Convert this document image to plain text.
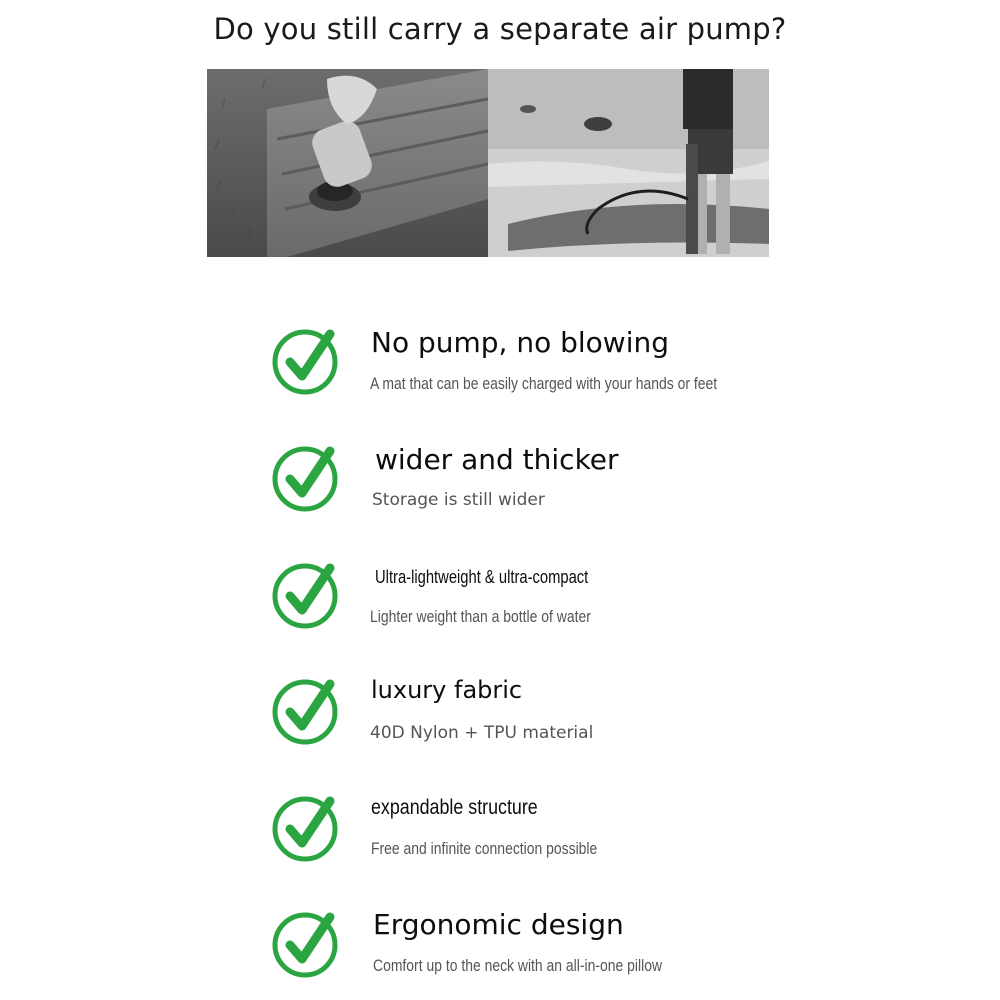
Do you still carry a separate air pump?
No pump, no blowing
A mat that can be easily charged with your hands or feet
wider and thicker
Storage is still wider
Ultra-lightweight & ultra-compact
Lighter weight than a bottle of water
luxury fabric
40D Nylon + TPU material
expandable structure
Free and infinite connection possible
Ergonomic design
Comfort up to the neck with an all-in-one pillow
